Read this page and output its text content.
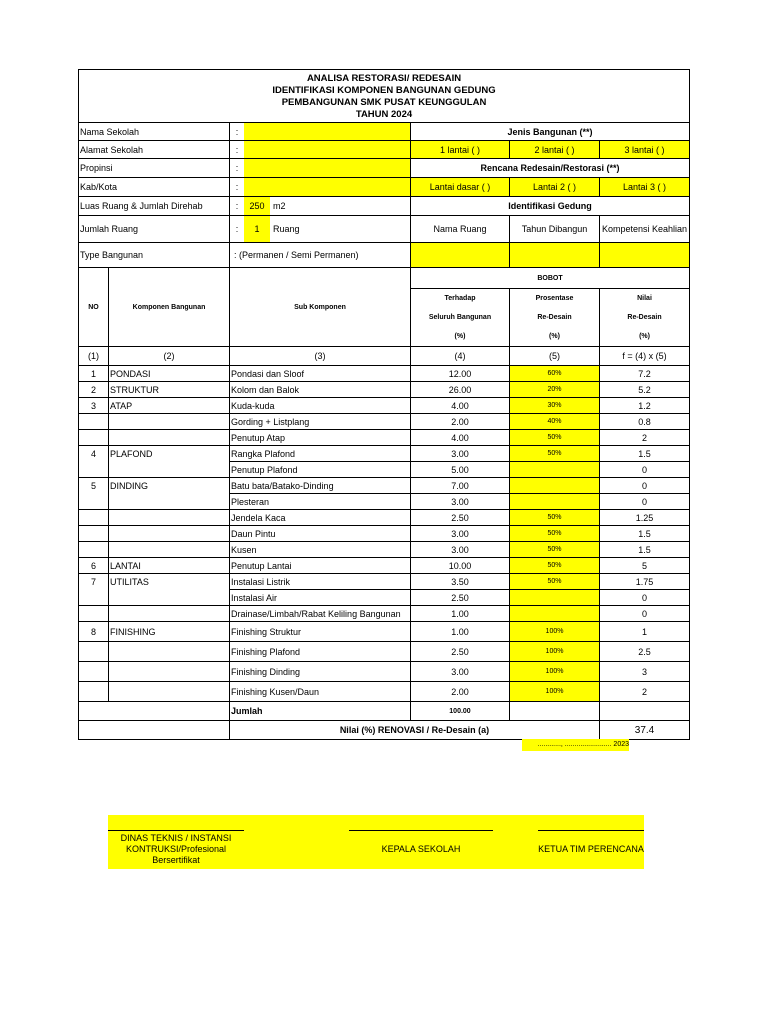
ANALISA RESTORASI/ REDESAIN					
IDENTIFIKASI KOMPONEN BANGUNAN GEDUNG					
PEMBANGUNAN SMK PUSAT KEUNGGULAN					
TAHUN 2024					
Nama Sekolah		:	Jenis Bangunan (**)		
Alamat Sekolah		:	1 lantai ( )	2 lantai ( )	3 lantai ( )
Propinsi		:	Rencana Redesain/Restorasi (**)		
Kab/Kota		:	Lantai dasar ( )	Lantai 2 ( )	Lantai 3 ( )
Luas Ruang & Jumlah Direhab		: 250 m2	Identifikasi Gedung		
Jumlah Ruang		: 1 Ruang	Nama Ruang	Tahun Dibangun	Kompetensi Keahlian
Type Bangunan		: (Permanen / Semi Permanen)			
NO	Komponen Bangunan	Sub Komponen	BOBOT		
			Terhadap	Prosentase	Nilai
			Seluruh Bangunan	Re-Desain	Re-Desain
			(%)	(%)	(%)
(1)	(2)	(3)	(4)	(5)	f = (4) x (5)
1	PONDASI	Pondasi dan Sloof	12.00	60%	7.2
2	STRUKTUR	Kolom dan Balok	26.00	20%	5.2
3	ATAP	Kuda-kuda	4.00	30%	1.2
		Gording + Listplang	2.00	40%	0.8
		Penutup Atap	4.00	50%	2
4	PLAFOND	Rangka Plafond	3.00	50%	1.5
		Penutup Plafond	5.00		0
5	DINDING	Batu bata/Batako-Dinding	7.00		0
		Plesteran	3.00		0
		Jendela Kaca	2.50	50%	1.25
		Daun Pintu	3.00	50%	1.5
		Kusen	3.00	50%	1.5
6	LANTAI	Penutup Lantai	10.00	50%	5
7	UTILITAS	Instalasi Listrik	3.50	50%	1.75
		Instalasi Air	2.50		0
		Drainase/Limbah/Rabat Keliling Bangunan	1.00		0
8	FINISHING	Finishing Struktur	1.00	100%	1
		Finishing Plafond	2.50	100%	2.5
		Finishing Dinding	3.00	100%	3
		Finishing Kusen/Daun	2.00	100%	2
		Jumlah	100.00		
		Nilai (%) RENOVASI / Re-Desain (a)			37.4
............, ........................ 2023
DINAS TEKNIS / INSTANSI
KONTRUKSI/Profesional
Bersertifikat
KEPALA SEKOLAH	KETUA TIM PERENCANA
